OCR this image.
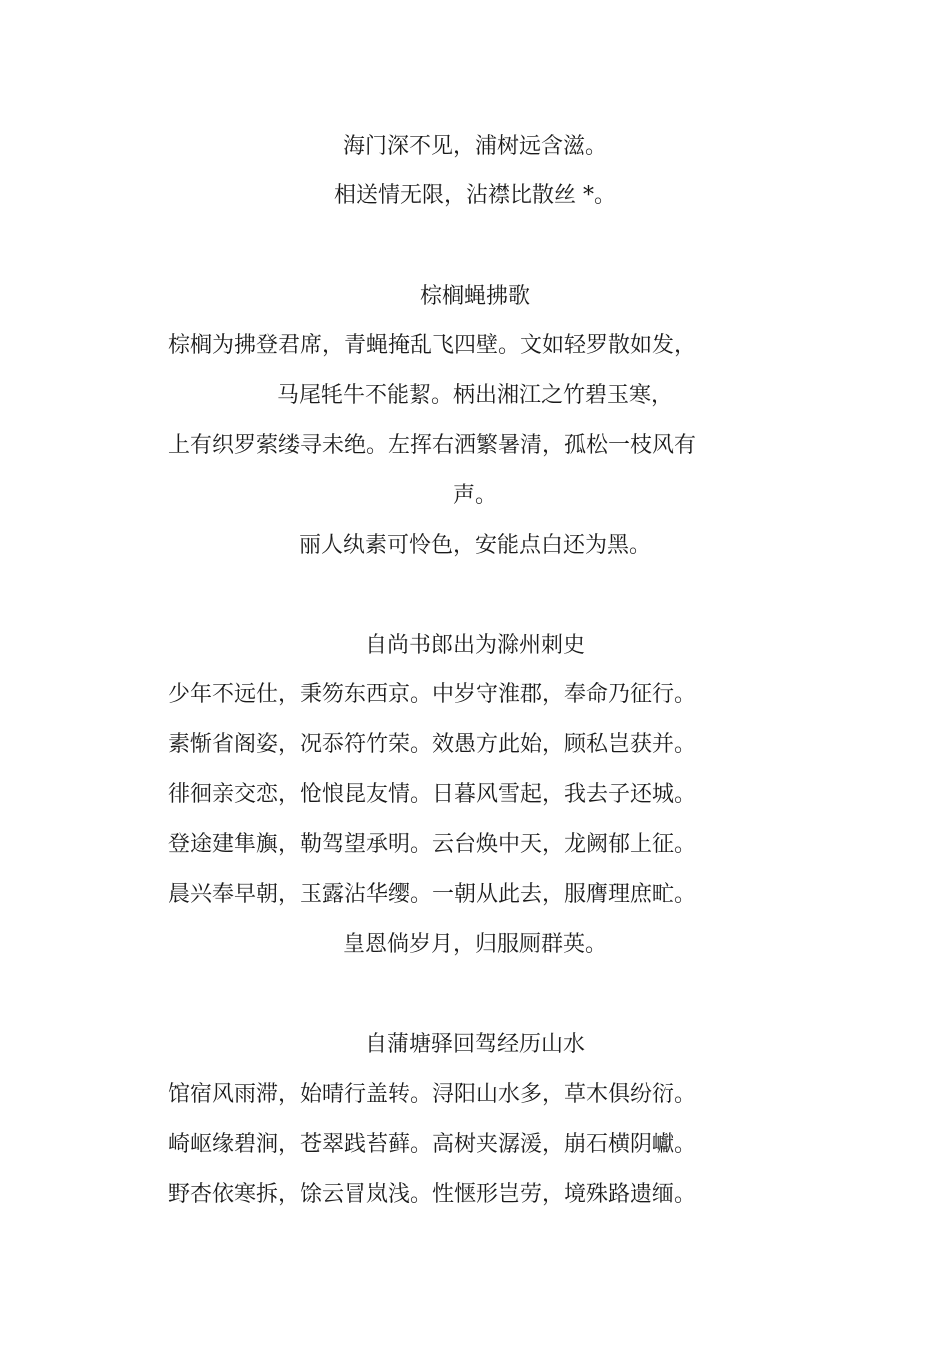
海门深不见，浦树远含滋。
相送情无限，沾襟比散丝 *。
棕榈蝇拂歌
棕榈为拂登君席，青蝇掩乱飞四壁。文如轻罗散如发，
马尾牦牛不能絜。柄出湘江之竹碧玉寒，
上有织罗萦缕寻未绝。左挥右洒繁暑清，孤松一枝风有
声。
丽人纨素可怜色，安能点白还为黑。
自尚书郎出为滁州刺史
少年不远仕，秉笏东西京。中岁守淮郡，奉命乃征行。
素惭省阁姿，况忝符竹荣。效愚方此始，顾私岂获并。
徘徊亲交恋，怆悢昆友情。日暮风雪起，我去子还城。
登途建隼旟，勒驾望承明。云台焕中天，龙阙郁上征。
晨兴奉早朝，玉露沾华缨。一朝从此去，服膺理庶甿。
皇恩倘岁月，归服厕群英。
自蒲塘驿回驾经历山水
馆宿风雨滞，始晴行盖转。浔阳山水多，草木俱纷衍。
崎岖缘碧涧，苍翠践苔藓。高树夹潺湲，崩石横阴巘。
野杏依寒拆，馀云冒岚浅。性惬形岂劳，境殊路遗缅。
